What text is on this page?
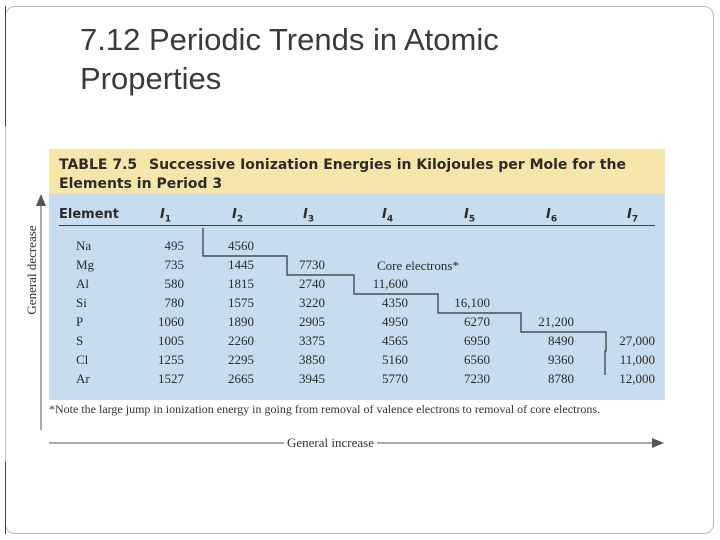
7.12 Periodic Trends in Atomic
Properties
TABLE 7.5 Successive Ionization Energies in Kilojoules per Mole for the
Elements in Period 3
Element	$I_1$	$I_2$	$I_3$	$I_4$	$I_5$	$I_6$	$I_7$
Na	495	4560
Mg	735	1445	7730
Al	580	1815	2740	11,600
Si	780	1575	3220	4350	16,100
P	1060	1890	2905	4950	6270	21,200
S	1005	2260	3375	4565	6950	8490	27,000
Cl	1255	2295	3850	5160	6560	9360	11,000
Ar	1527	2665	3945	5770	7230	8780	12,000
Core electrons*
*Note the large jump in ionization energy in going from removal of valence electrons to removal of core electrons.
General decrease
General increase
